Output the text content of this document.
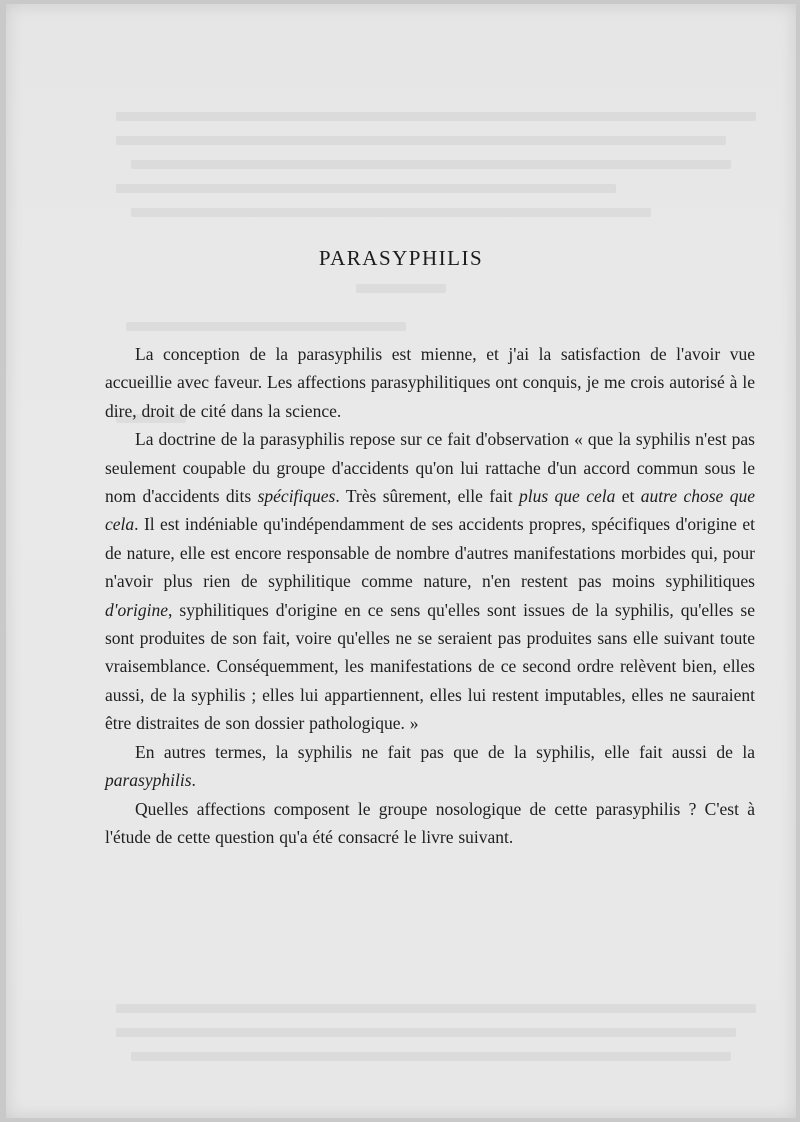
PARASYPHILIS

La conception de la parasyphilis est mienne, et j'ai la satisfaction de l'avoir vue accueillie avec faveur. Les affections parasyphilitiques ont conquis, je me crois autorisé à le dire, droit de cité dans la science.

La doctrine de la parasyphilis repose sur ce fait d'observation « que la syphilis n'est pas seulement coupable du groupe d'accidents qu'on lui rattache d'un accord commun sous le nom d'accidents dits spécifiques. Très sûrement, elle fait plus que cela et autre chose que cela. Il est indéniable qu'indépendamment de ses accidents propres, spécifiques d'origine et de nature, elle est encore responsable de nombre d'autres manifestations morbides qui, pour n'avoir plus rien de syphilitique comme nature, n'en restent pas moins syphilitiques d'origine, syphilitiques d'origine en ce sens qu'elles sont issues de la syphilis, qu'elles se sont produites de son fait, voire qu'elles ne se seraient pas produites sans elle suivant toute vraisemblance. Conséquemment, les manifestations de ce second ordre relèvent bien, elles aussi, de la syphilis ; elles lui appartiennent, elles lui restent imputables, elles ne sauraient être distraites de son dossier pathologique. »

En autres termes, la syphilis ne fait pas que de la syphilis, elle fait aussi de la parasyphilis.

Quelles affections composent le groupe nosologique de cette parasyphilis ? C'est à l'étude de cette question qu'a été consacré le livre suivant.
